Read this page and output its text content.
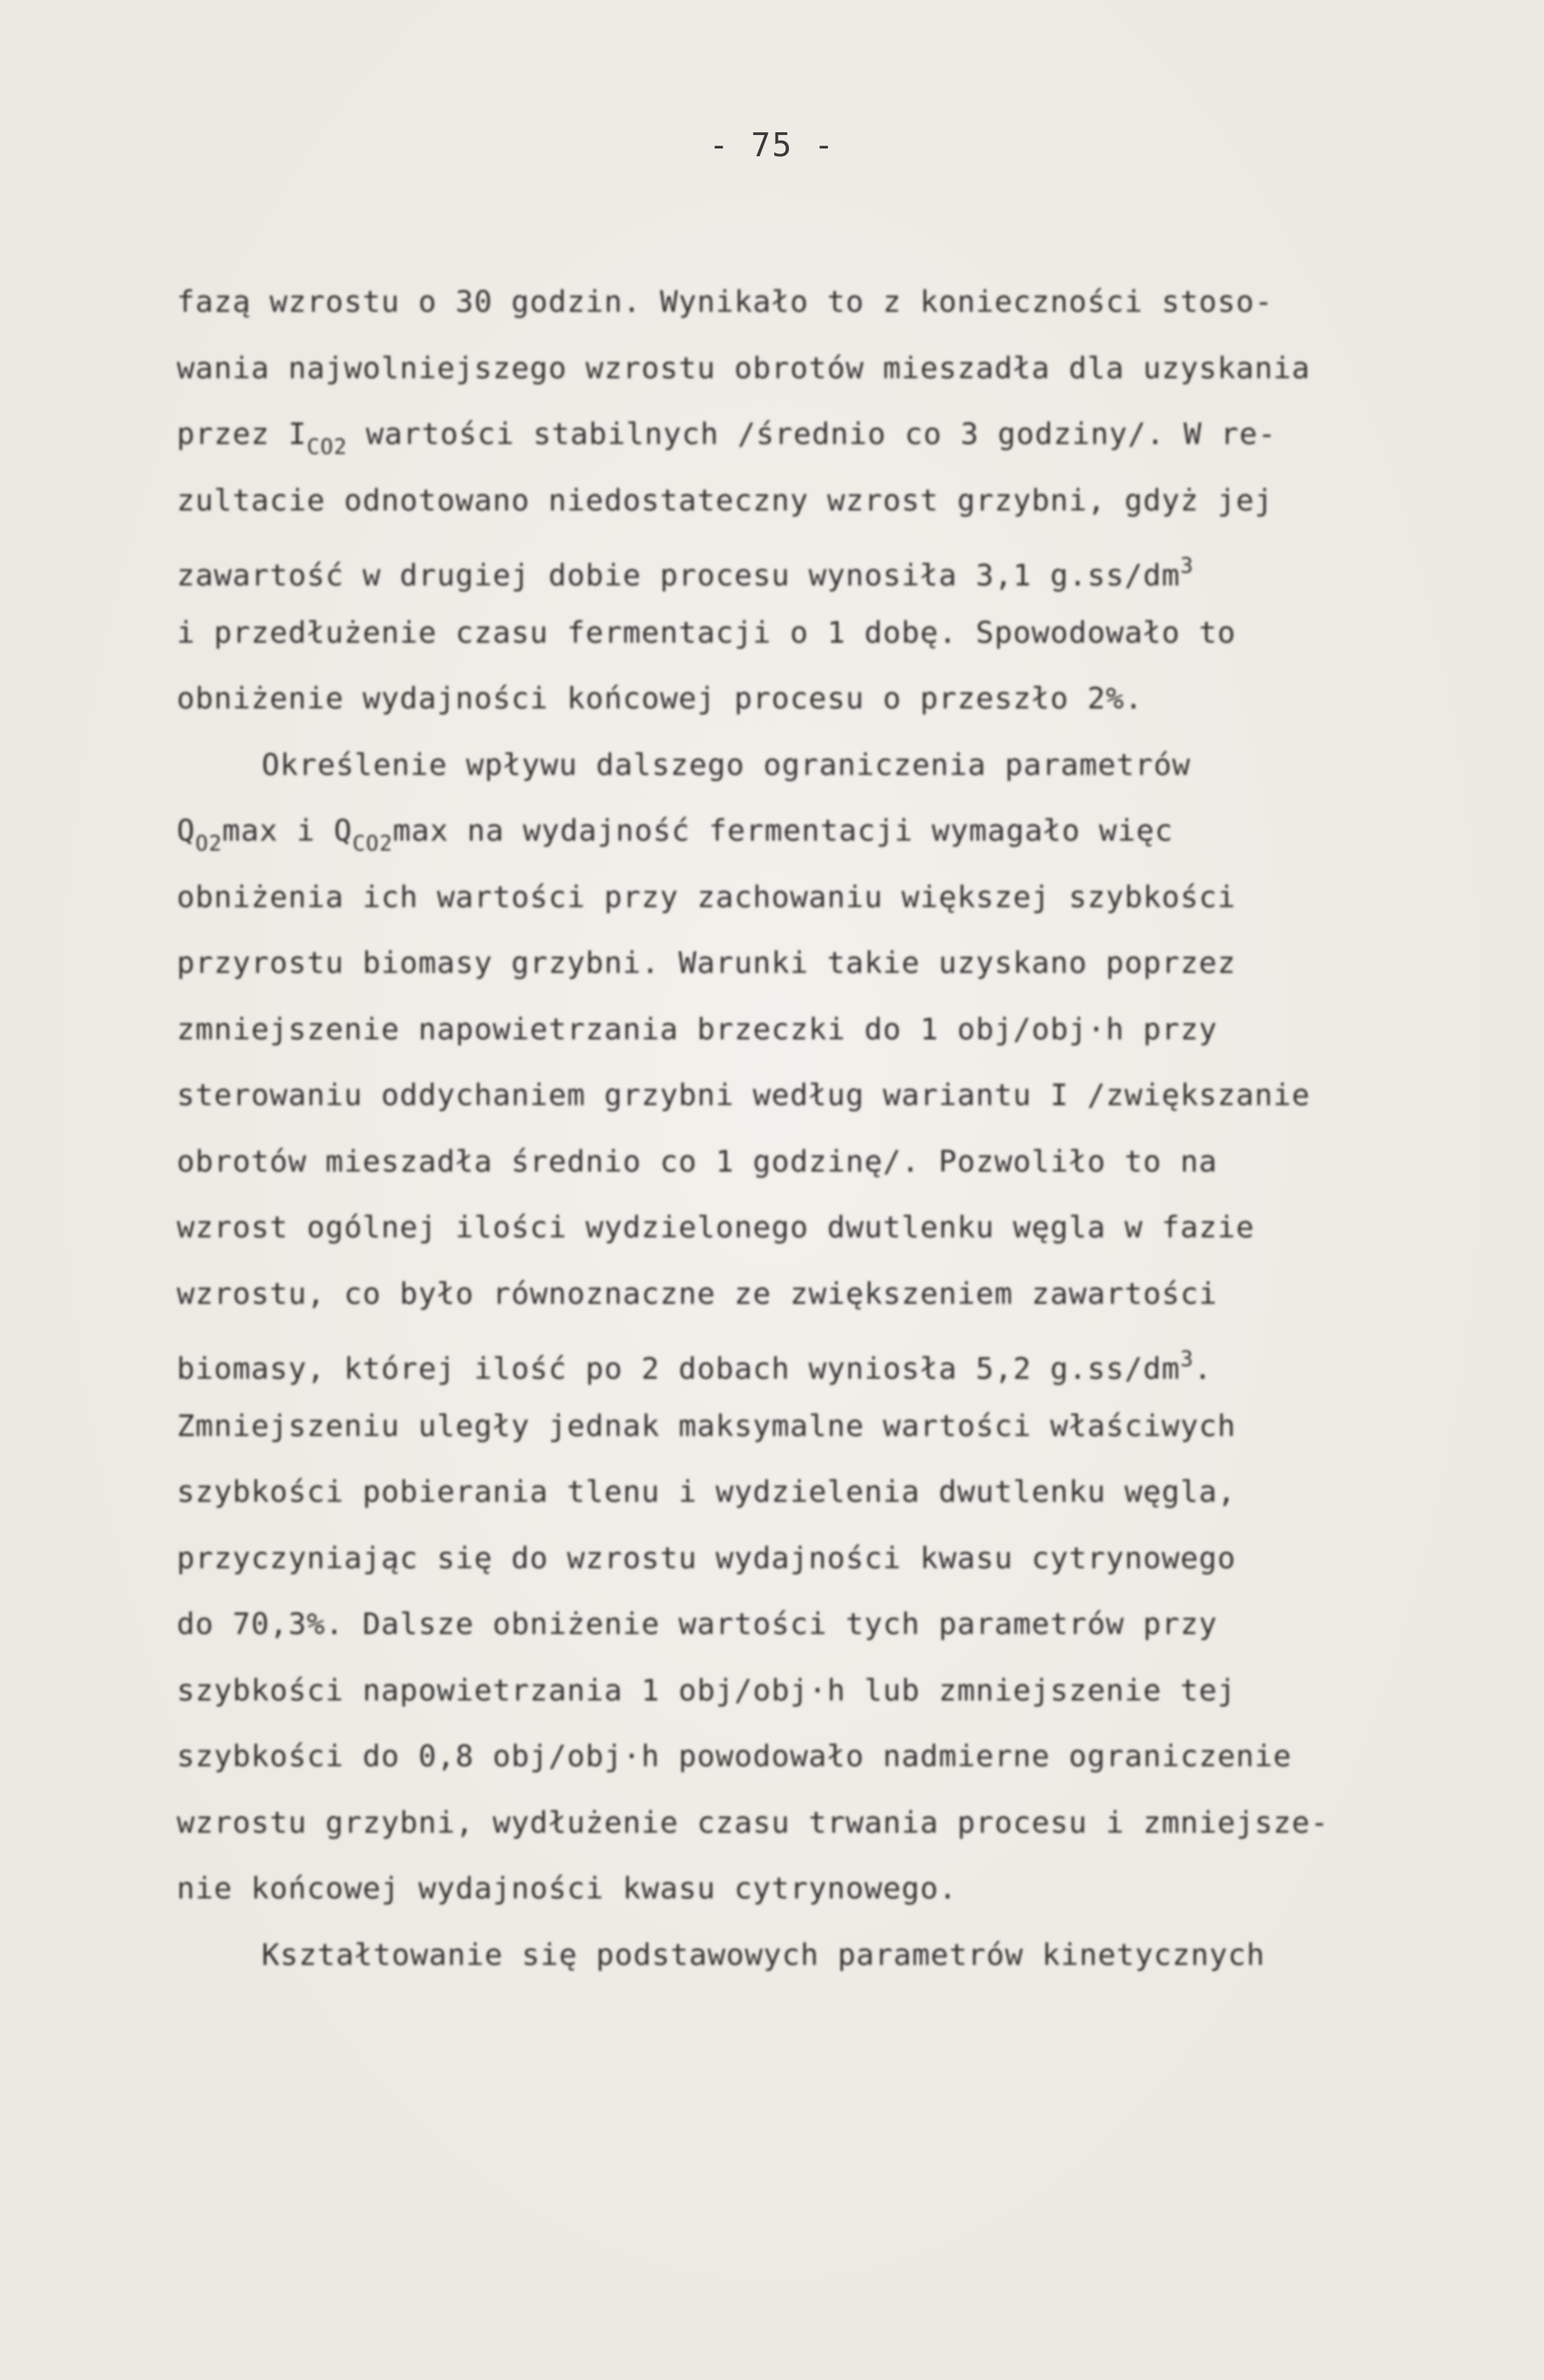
- 75 -
fazą wzrostu o 30 godzin. Wynikało to z konieczności stoso-
wania najwolniejszego wzrostu obrotów mieszadła dla uzyskania
przez $I_{CO2}$ wartości stabilnych /średnio co 3 godziny/. W re-
zultacie odnotowano niedostateczny wzrost grzybni, gdyż jej
zawartość w drugiej dobie procesu wynosiła 3,1 $g.ss/dm^3$
i przedłużenie czasu fermentacji o 1 dobę. Spowodowało to
obniżenie wydajności końcowej procesu o przeszło 2%.
Określenie wpływu dalszego ograniczenia parametrów
$Q_{O2}\max$ i $Q_{CO2}\max$ na wydajność fermentacji wymagało więc
obniżenia ich wartości przy zachowaniu większej szybkości
przyrostu biomasy grzybni. Warunki takie uzyskano poprzez
zmniejszenie napowietrzania brzeczki do 1 obj/obj·h przy
sterowaniu oddychaniem grzybni według wariantu I /zwiększanie
obrotów mieszadła średnio co 1 godzinę/. Pozwoliło to na
wzrost ogólnej ilości wydzielonego dwutlenku węgla w fazie
wzrostu, co było równoznaczne ze zwiększeniem zawartości
biomasy, której ilość po 2 dobach wyniosła 5,2 $g.ss/dm^3$.
Zmniejszeniu uległy jednak maksymalne wartości właściwych
szybkości pobierania tlenu i wydzielenia dwutlenku węgla,
przyczyniając się do wzrostu wydajności kwasu cytrynowego
do 70,3%. Dalsze obniżenie wartości tych parametrów przy
szybkości napowietrzania 1 obj/obj·h lub zmniejszenie tej
szybkości do 0,8 obj/obj·h powodowało nadmierne ograniczenie
wzrostu grzybni, wydłużenie czasu trwania procesu i zmniejsze-
nie końcowej wydajności kwasu cytrynowego.
Kształtowanie się podstawowych parametrów kinetycznych
